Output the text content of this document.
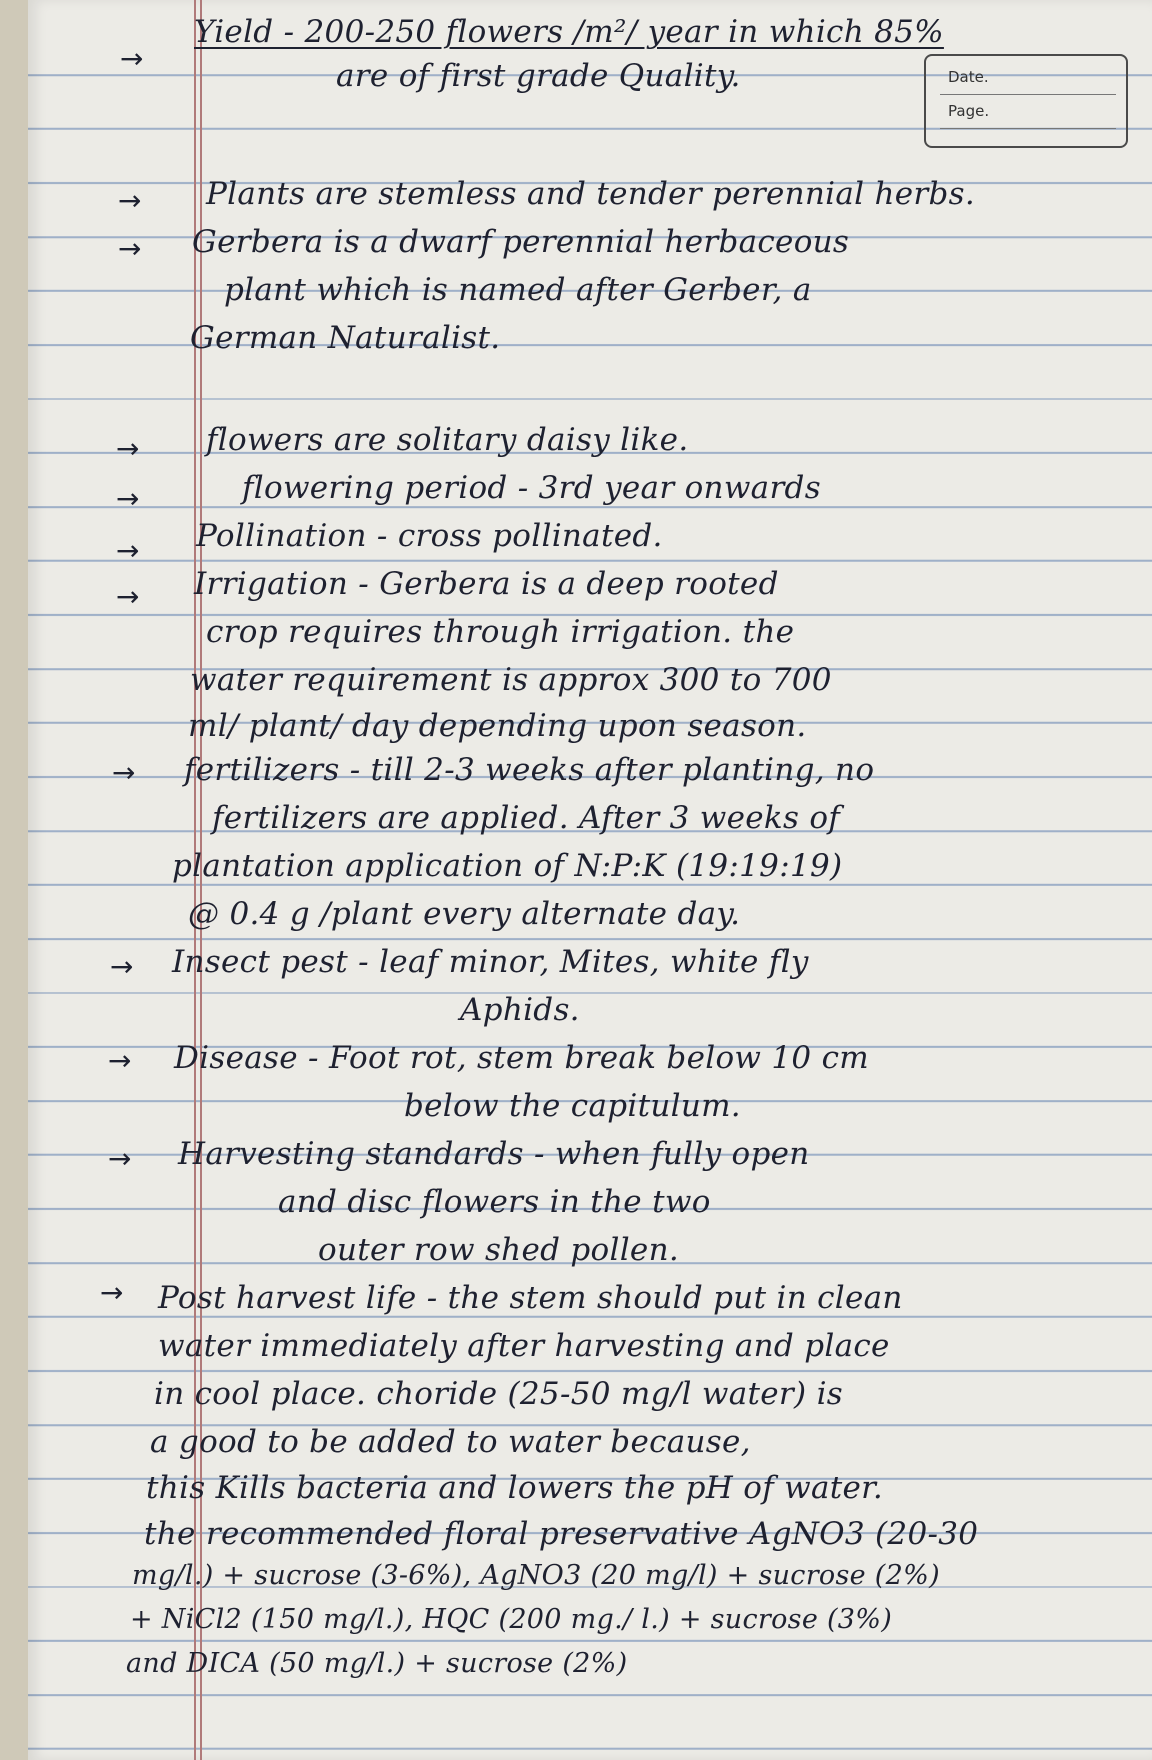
Date.
Page.
→
→
→
→
→
→
→
→
→
→
→
→
Yield - 200-250 flowers /m²/ year in which 85%
are of first grade Quality.
Plants are stemless and tender perennial herbs.
Gerbera is a dwarf perennial herbaceous
plant which is named after Gerber, a
German Naturalist.
flowers are solitary daisy like.
flowering period - 3rd year onwards
Pollination - cross pollinated.
Irrigation - Gerbera is a deep rooted
crop requires through irrigation. the
water requirement is approx 300 to 700
ml/ plant/ day depending upon season.
fertilizers - till 2-3 weeks after planting, no
fertilizers are applied. After 3 weeks of
plantation application of N:P:K (19:19:19)
@ 0.4 g /plant every alternate day.
Insect pest - leaf minor, Mites, white fly
Aphids.
Disease - Foot rot, stem break below 10 cm
below the capitulum.
Harvesting standards - when fully open
and disc flowers in the two
outer row shed pollen.
Post harvest life - the stem should put in clean
water immediately after harvesting and place
in cool place. choride (25-50 mg/l water) is
a good to be added to water because,
this Kills bacteria and lowers the pH of water.
the recommended floral preservative AgNO3 (20-30
mg/l.) + sucrose (3-6%), AgNO3 (20 mg/l) + sucrose (2%)
+ NiCl2 (150 mg/l.), HQC (200 mg./ l.) + sucrose (3%)
and DICA (50 mg/l.) + sucrose (2%)
